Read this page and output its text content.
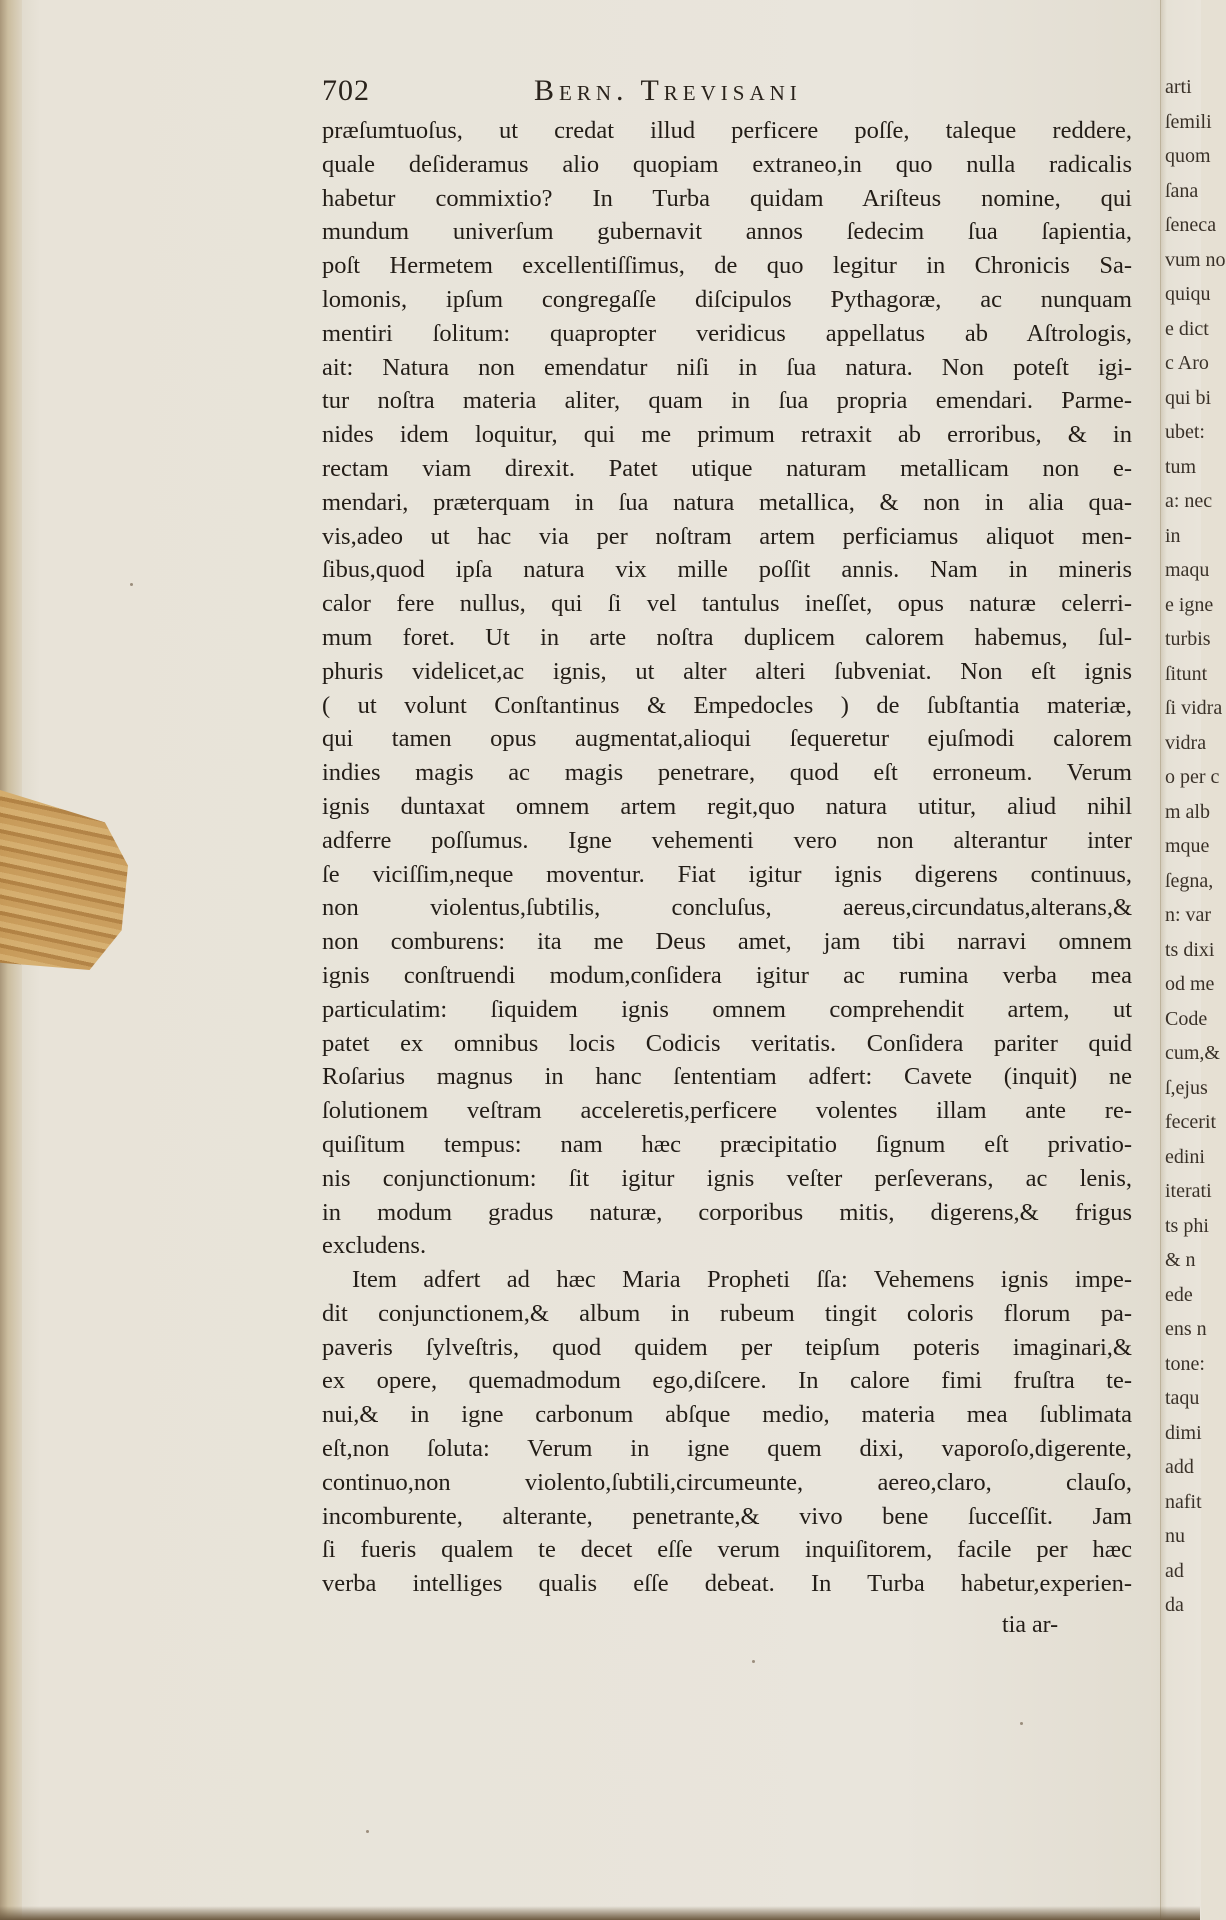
702	Bern. Trevisani
præſumtuoſus, ut credat illud perficere poſſe, taleque reddere,
quale deſideramus alio quopiam extraneo,in quo nulla radicalis
habetur commixtio? In Turba quidam Ariſteus nomine, qui
mundum univerſum gubernavit annos ſedecim ſua ſapientia,
poſt Hermetem excellentiſſimus, de quo legitur in Chronicis Sa-
lomonis, ipſum congregaſſe diſcipulos Pythagoræ, ac nunquam
mentiri ſolitum: quapropter veridicus appellatus ab Aſtrologis,
ait: Natura non emendatur niſi in ſua natura. Non poteſt igi-
tur noſtra materia aliter, quam in ſua propria emendari. Parme-
nides idem loquitur, qui me primum retraxit ab erroribus, & in
rectam viam direxit. Patet utique naturam metallicam non e-
mendari, præterquam in ſua natura metallica, & non in alia qua-
vis,adeo ut hac via per noſtram artem perficiamus aliquot men-
ſibus,quod ipſa natura vix mille poſſit annis. Nam in mineris
calor fere nullus, qui ſi vel tantulus ineſſet, opus naturæ celerri-
mum foret. Ut in arte noſtra duplicem calorem habemus, ſul-
phuris videlicet,ac ignis, ut alter alteri ſubveniat. Non eſt ignis
( ut volunt Conſtantinus & Empedocles ) de ſubſtantia materiæ,
qui tamen opus augmentat,alioqui ſequeretur ejuſmodi calorem
indies magis ac magis penetrare, quod eſt erroneum. Verum
ignis duntaxat omnem artem regit,quo natura utitur, aliud nihil
adferre poſſumus. Igne vehementi vero non alterantur inter
ſe viciſſim,neque moventur. Fiat igitur ignis digerens continuus,
non violentus,ſubtilis, concluſus, aereus,circundatus,alterans,&
non comburens: ita me Deus amet, jam tibi narravi omnem
ignis conſtruendi modum,conſidera igitur ac rumina verba mea
particulatim: ſiquidem ignis omnem comprehendit artem, ut
patet ex omnibus locis Codicis veritatis. Conſidera pariter quid
Roſarius magnus in hanc ſententiam adfert: Cavete (inquit) ne
ſolutionem veſtram acceleretis,perficere volentes illam ante re-
quiſitum tempus: nam hæc præcipitatio ſignum eſt privatio-
nis conjunctionum: ſit igitur ignis veſter perſeverans, ac lenis,
in modum gradus naturæ, corporibus mitis, digerens,& frigus
excludens.
Item adfert ad hæc Maria Propheti ſſa: Vehemens ignis impe-
dit conjunctionem,& album in rubeum tingit coloris florum pa-
paveris ſylveſtris, quod quidem per teipſum poteris imaginari,&
ex opere, quemadmodum ego,diſcere. In calore fimi fruſtra te-
nui,& in igne carbonum abſque medio, materia mea ſublimata
eſt,non ſoluta: Verum in igne quem dixi, vaporoſo,digerente,
continuo,non violento,ſubtili,circumeunte, aereo,claro, clauſo,
incomburente, alterante, penetrante,& vivo bene ſucceſſit. Jam
ſi fueris qualem te decet eſſe verum inquiſitorem, facile per hæc
verba intelliges qualis eſſe debeat. In Turba habetur,experien-
tia ar-
arti
ſemili
quom
ſana
ſeneca
vum no
quiqu
e dict
c Aro
qui bi
ubet:
tum
a: nec
in
maqu
e igne
turbis
ſitunt
ſi vidra
vidra
o per c
m alb
mque
ſegna,
n: var
ts dixi
od me
Code
cum,&
ſ,ejus
fecerit
edini
iterati
ts phi
& n
ede
ens n
tone:
taqu
dimi
add
nafit
nu
ad
da
